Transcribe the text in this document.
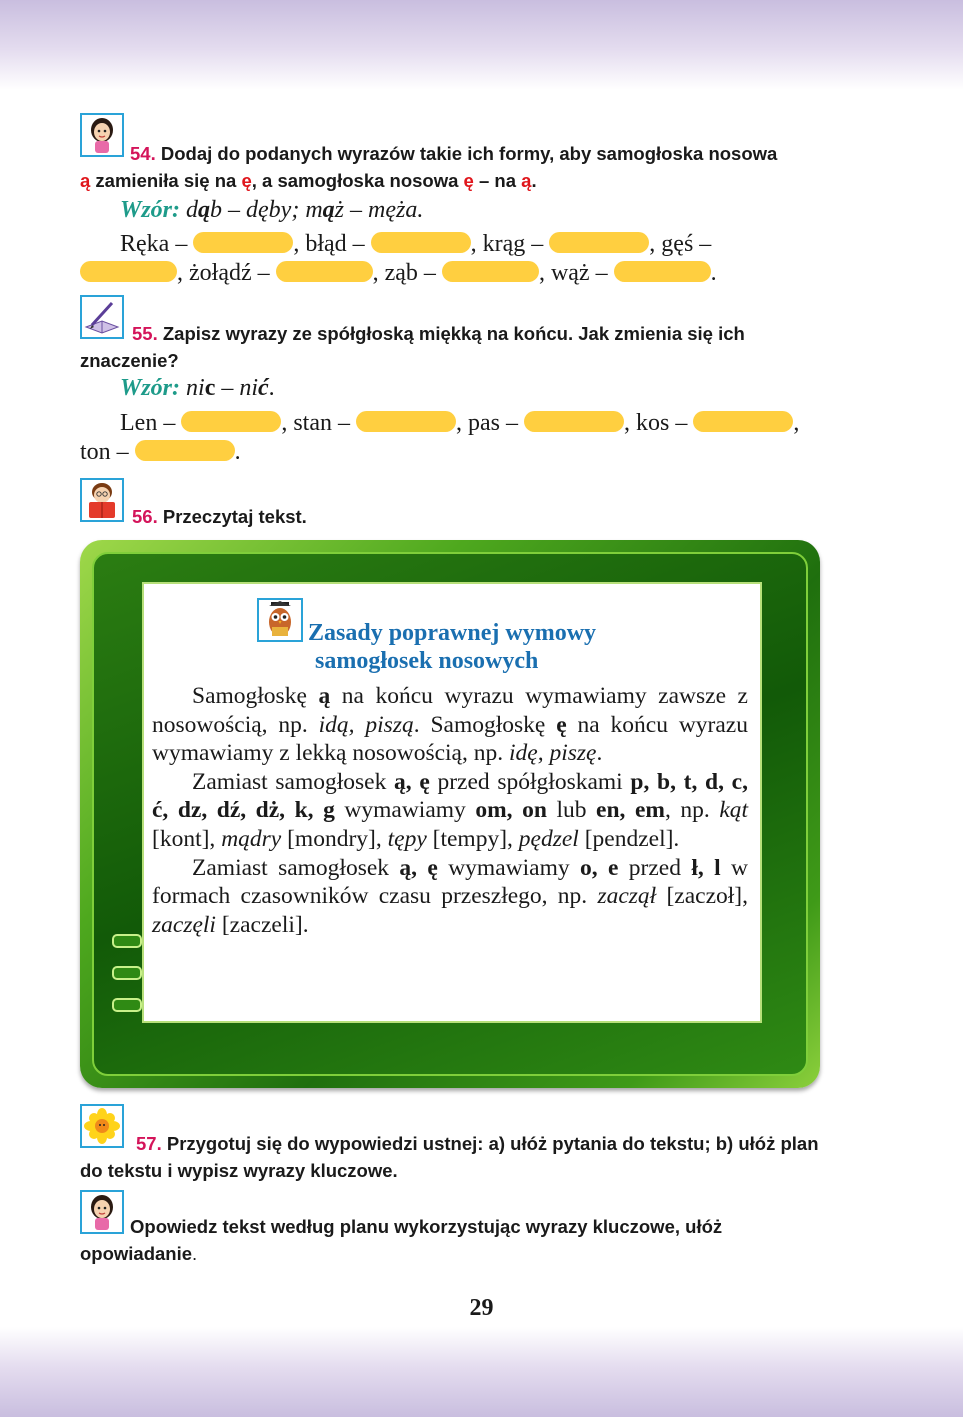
54. Dodaj do podanych wyrazów takie ich formy, aby samogłoska nosowa
ą zamieniła się na ę, a samogłoska nosowa ę – na ą.

Wzór: dąb – dęby; mąż – męża.
Ręka –	, błąd –	, krąg –	, gęś –
, żołądź –	, ząb –	, wąż –	.

55. Zapisz wyrazy ze spółgłoską miękką na końcu. Jak zmienia się ich znaczenie?

Wzór: nic – nić.
Len –	, stan –	, pas –	, kos –	,
ton –	.

56. Przeczytaj tekst.

Zasady poprawnej wymowy
samogłosek nosowych

Samogłoskę ą na końcu wyrazu wymawiamy zawsze z nosowością, np. idą, piszą. Samogłoskę ę na końcu wyrazu wymawiamy z lekką nosowością, np. idę, piszę.

Zamiast samogłosek ą, ę przed spółgłoskami p, b, t, d, c, ć, dz, dź, dż, k, g wymawiamy om, on lub en, em, np. kąt [kont], mądry [mondry], tępy [tempy], pędzel [pendzel].

Zamiast samogłosek ą, ę wymawiamy o, e przed ł, l w formach czasowników czasu przeszłego, np. zaczął [zaczoł], zaczęli [zaczeli].

57. Przygotuj się do wypowiedzi ustnej: a) ułóż pytania do tekstu; b) ułóż plan do tekstu i wypisz wyrazy kluczowe.

Opowiedz tekst według planu wykorzystując wyrazy kluczowe, ułóż opowiadanie.

29
